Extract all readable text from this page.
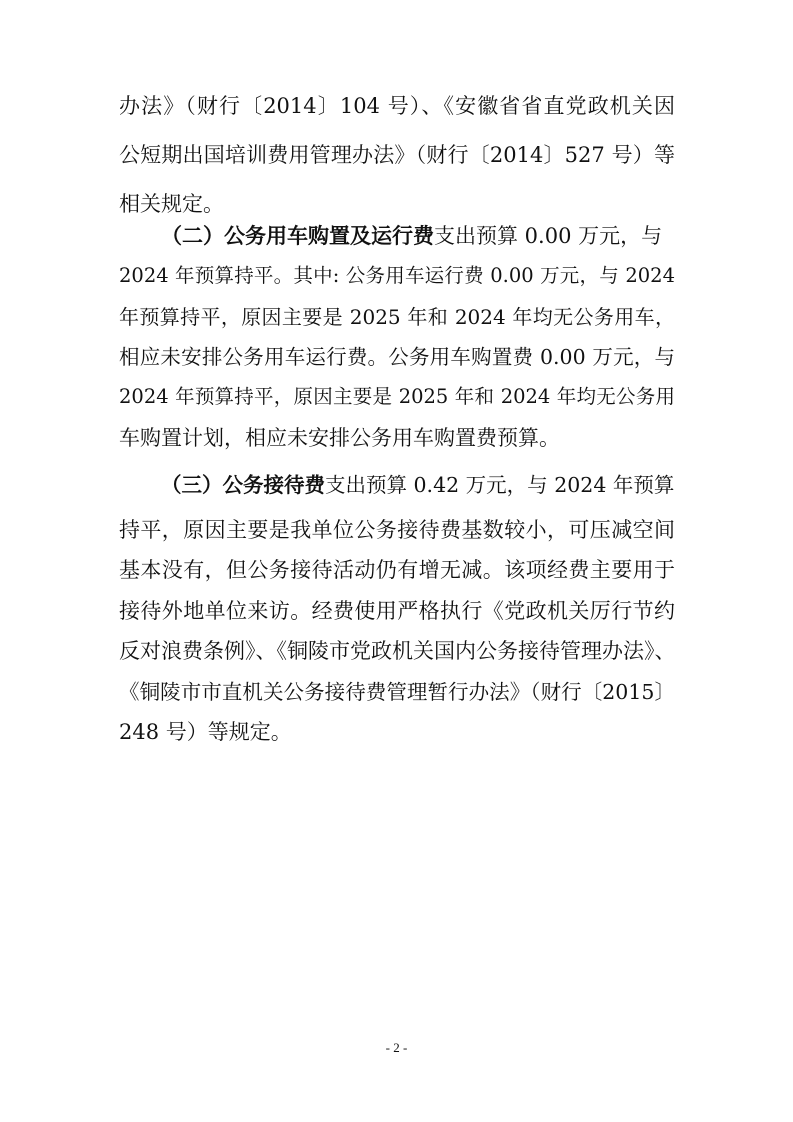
办法》（财行〔2014〕104 号）、《安徽省省直党政机关因
公短期出国培训费用管理办法》（财行〔2014〕527 号）等
相关规定。
（二）公务用车购置及运行费支出预算 0.00 万元，与
2024 年预算持平。其中: 公务用车运行费 0.00 万元，与 2024
年预算持平，原因主要是 2025 年和 2024 年均无公务用车，
相应未安排公务用车运行费。公务用车购置费 0.00 万元，与
2024 年预算持平，原因主要是 2025 年和 2024 年均无公务用
车购置计划，相应未安排公务用车购置费预算。
（三）公务接待费支出预算 0.42 万元，与 2024 年预算
持平，原因主要是我单位公务接待费基数较小，可压减空间
基本没有，但公务接待活动仍有增无减。该项经费主要用于
接待外地单位来访。经费使用严格执行《党政机关厉行节约
反对浪费条例》、《铜陵市党政机关国内公务接待管理办法》、
《铜陵市市直机关公务接待费管理暂行办法》（财行〔2015〕
248 号）等规定。
- 2 -
